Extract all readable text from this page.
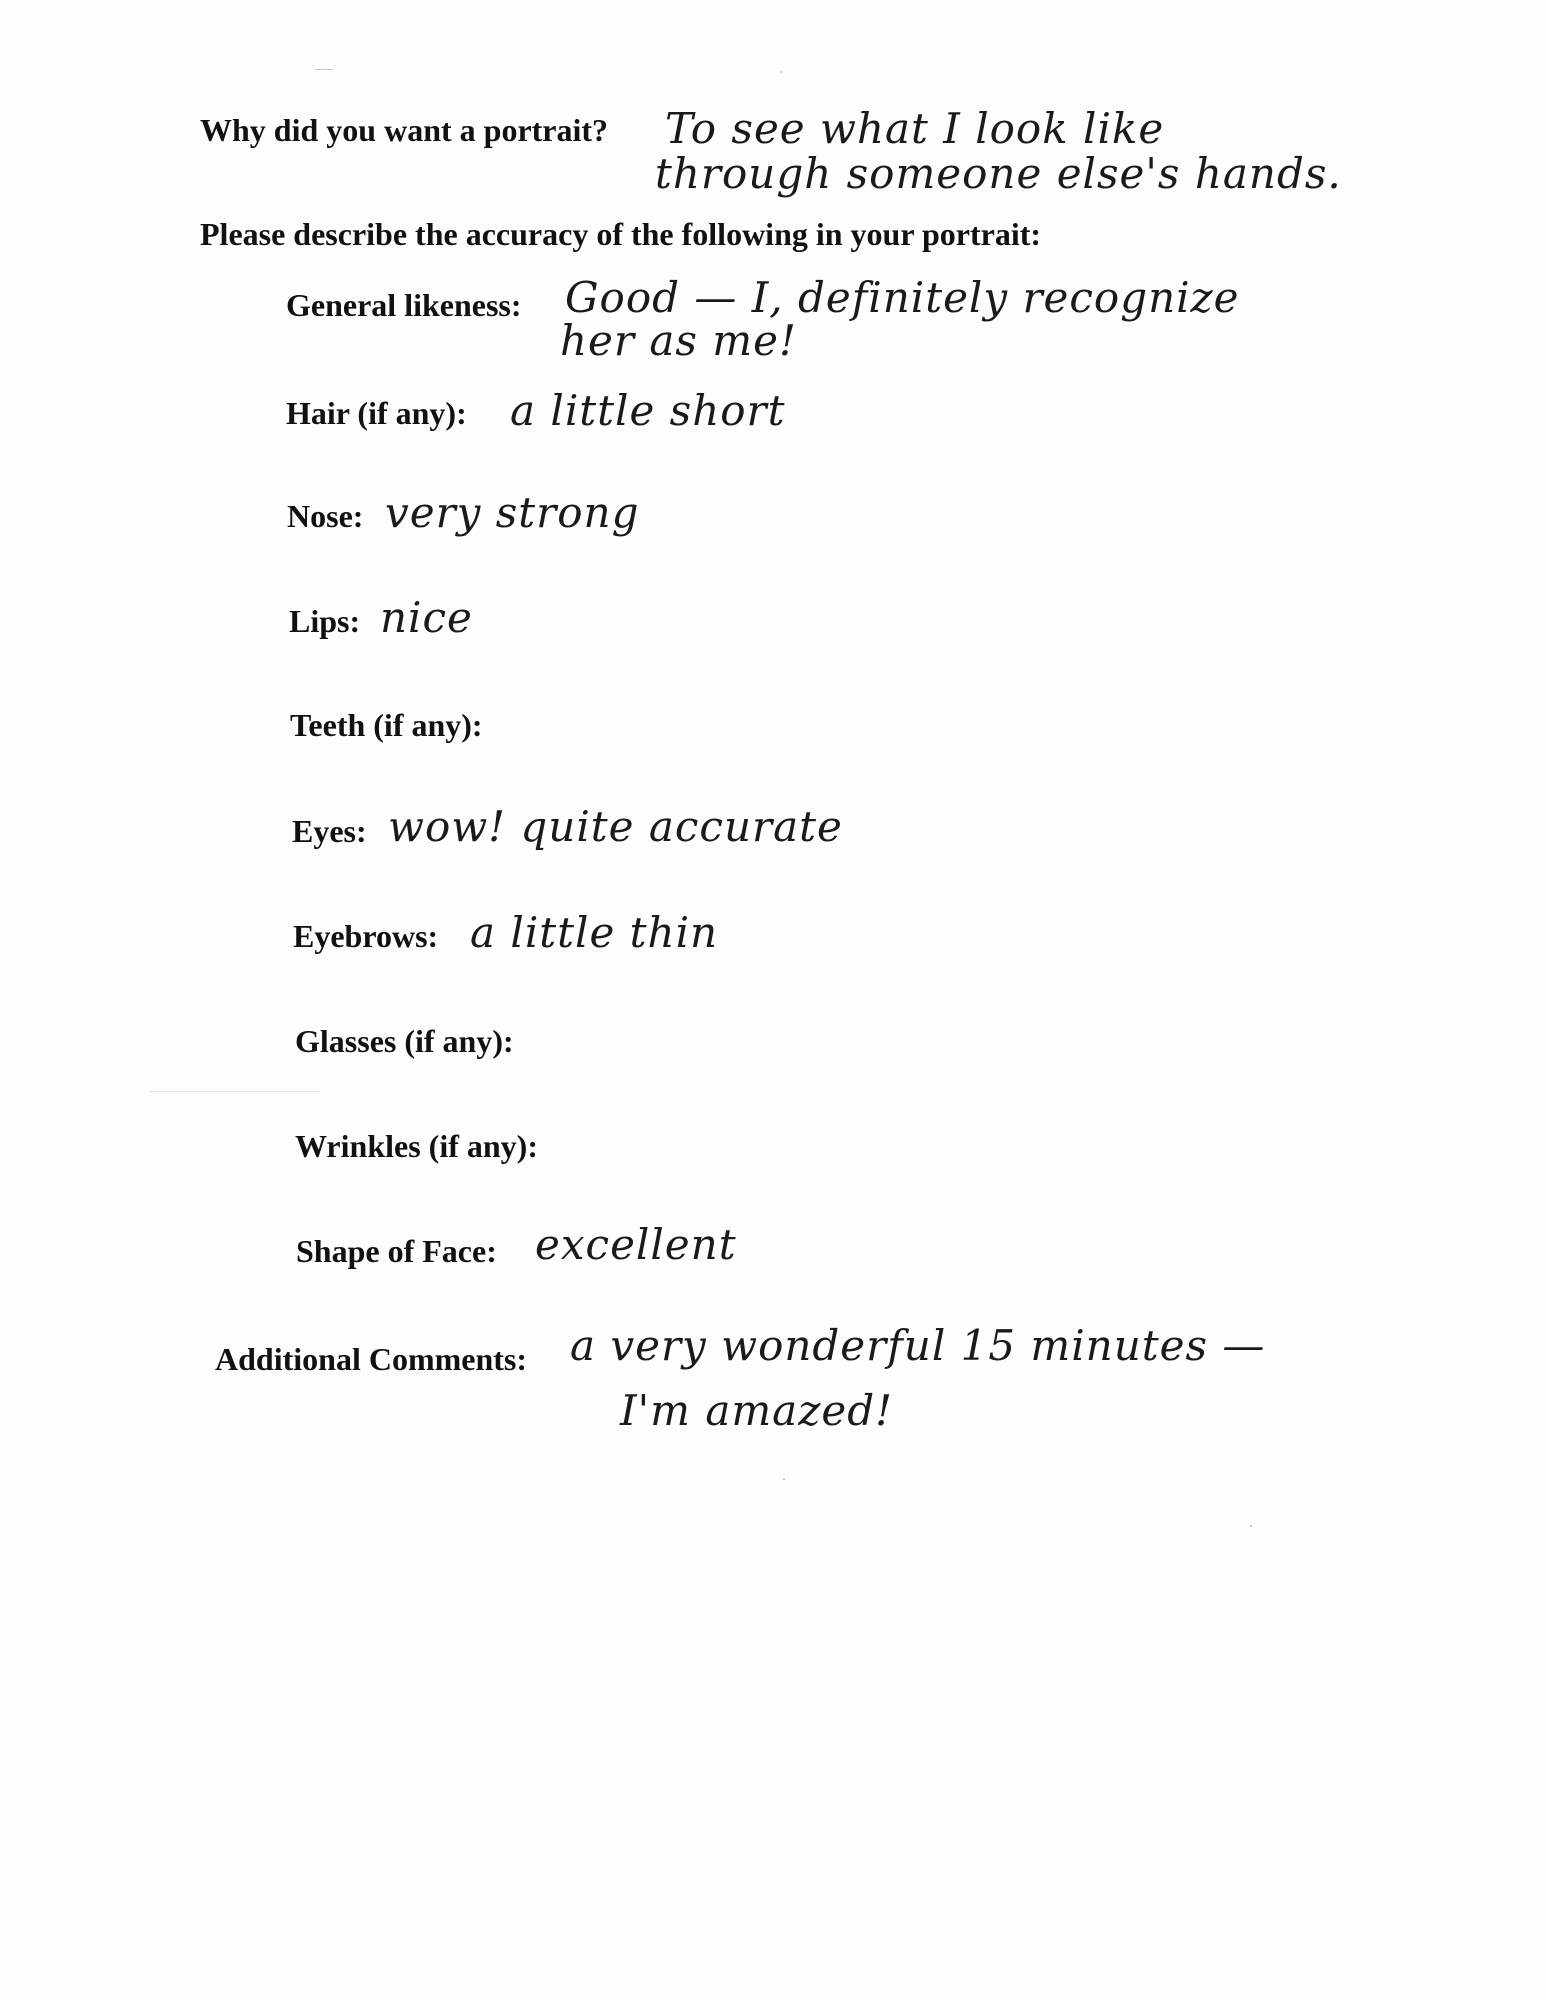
Why did you want a portrait? To see what I look like
through someone else's hands.
Please describe the accuracy of the following in your portrait:
General likeness: Good — I, definitely recognize
her as me!
Hair (if any): a little short
Nose: very strong
Lips: nice
Teeth (if any):
Eyes: wow! quite accurate
Eyebrows: a little thin
Glasses (if any):
Wrinkles (if any):
Shape of Face: excellent
Additional Comments: a very wonderful 15 minutes —
I'm amazed!
